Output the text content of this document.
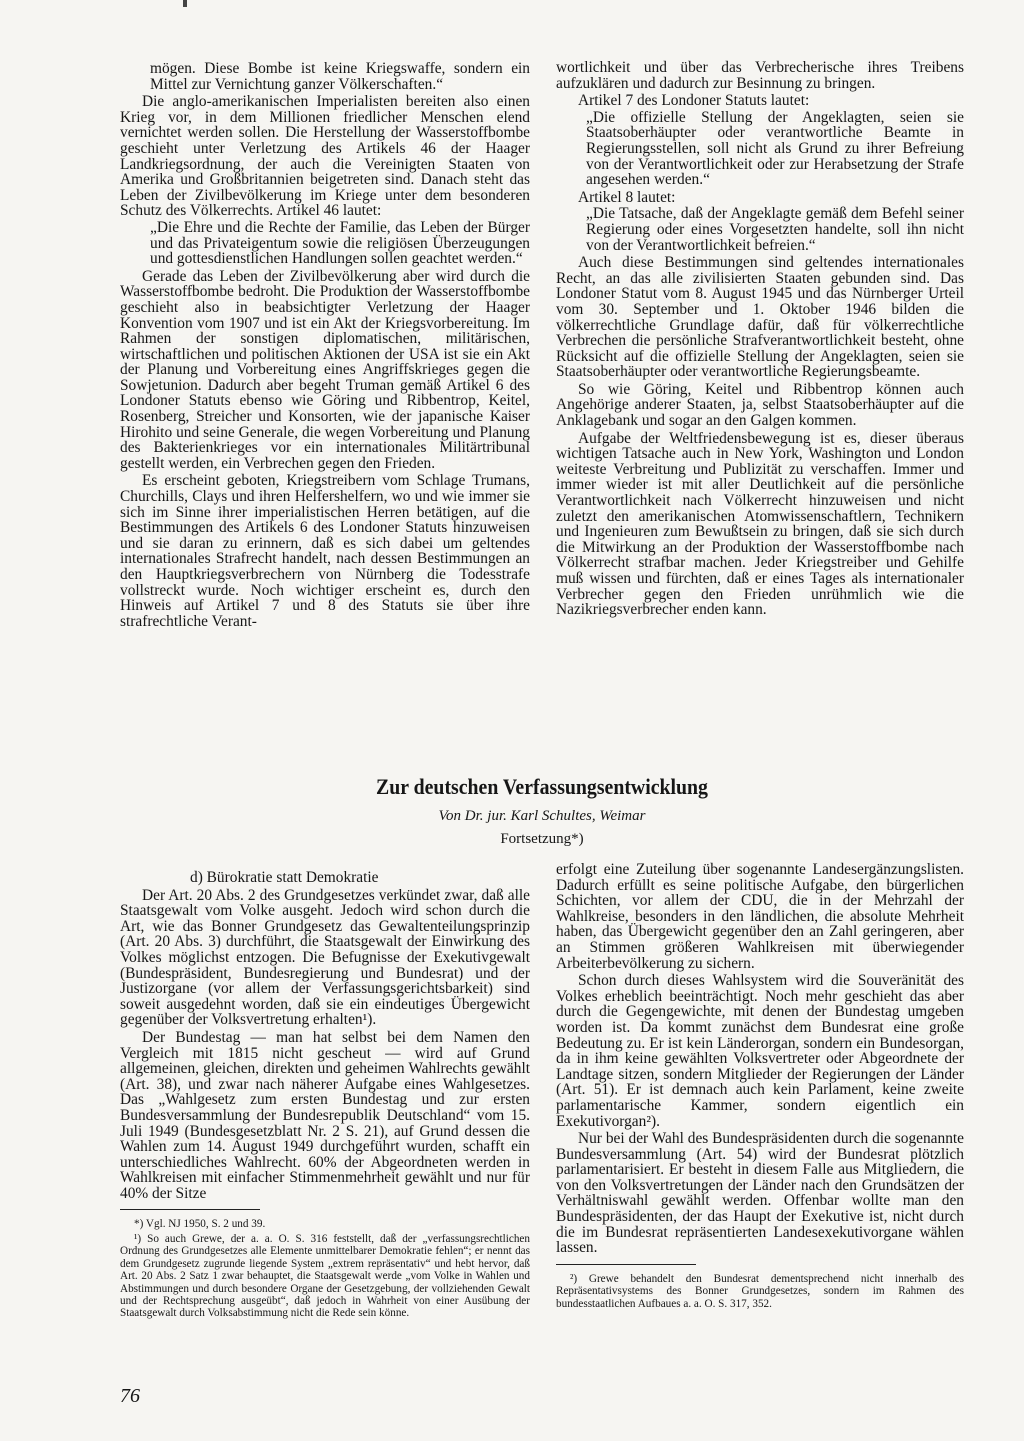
mögen. Diese Bombe ist keine Kriegswaffe, sondern ein Mittel zur Vernichtung ganzer Völkerschaften.“

Die anglo-amerikanischen Imperialisten bereiten also einen Krieg vor, in dem Millionen friedlicher Menschen elend vernichtet werden sollen. Die Herstellung der Wasserstoffbombe geschieht unter Verletzung des Artikels 46 der Haager Landkriegsordnung, der auch die Vereinigten Staaten von Amerika und Großbritannien beigetreten sind. Danach steht das Leben der Zivilbevölkerung im Kriege unter dem besonderen Schutz des Völkerrechts. Artikel 46 lautet:

„Die Ehre und die Rechte der Familie, das Leben der Bürger und das Privateigentum sowie die religiösen Überzeugungen und gottesdienstlichen Handlungen sollen geachtet werden.“

Gerade das Leben der Zivilbevölkerung aber wird durch die Wasserstoffbombe bedroht. Die Produktion der Wasserstoffbombe geschieht also in beabsichtigter Verletzung der Haager Konvention vom 1907 und ist ein Akt der Kriegsvorbereitung. Im Rahmen der sonstigen diplomatischen, militärischen, wirtschaftlichen und politischen Aktionen der USA ist sie ein Akt der Planung und Vorbereitung eines Angriffskrieges gegen die Sowjetunion. Dadurch aber begeht Truman gemäß Artikel 6 des Londoner Statuts ebenso wie Göring und Ribbentrop, Keitel, Rosenberg, Streicher und Konsorten, wie der japanische Kaiser Hirohito und seine Generale, die wegen Vorbereitung und Planung des Bakterienkrieges vor ein internationales Militärtribunal gestellt werden, ein Verbrechen gegen den Frieden.

Es erscheint geboten, Kriegstreibern vom Schlage Trumans, Churchills, Clays und ihren Helfershelfern, wo und wie immer sie sich im Sinne ihrer imperialistischen Herren betätigen, auf die Bestimmungen des Artikels 6 des Londoner Statuts hinzuweisen und sie daran zu erinnern, daß es sich dabei um geltendes internationales Strafrecht handelt, nach dessen Bestimmungen an den Hauptkriegsverbrechern von Nürnberg die Todesstrafe vollstreckt wurde. Noch wichtiger erscheint es, durch den Hinweis auf Artikel 7 und 8 des Statuts sie über ihre strafrechtliche Verant-

wortlichkeit und über das Verbrecherische ihres Treibens aufzuklären und dadurch zur Besinnung zu bringen.

Artikel 7 des Londoner Statuts lautet:

„Die offizielle Stellung der Angeklagten, seien sie Staatsoberhäupter oder verantwortliche Beamte in Regierungsstellen, soll nicht als Grund zu ihrer Befreiung von der Verantwortlichkeit oder zur Herabsetzung der Strafe angesehen werden.“

Artikel 8 lautet:

„Die Tatsache, daß der Angeklagte gemäß dem Befehl seiner Regierung oder eines Vorgesetzten handelte, soll ihn nicht von der Verantwortlichkeit befreien.“

Auch diese Bestimmungen sind geltendes internationales Recht, an das alle zivilisierten Staaten gebunden sind. Das Londoner Statut vom 8. August 1945 und das Nürnberger Urteil vom 30. September und 1. Oktober 1946 bilden die völkerrechtliche Grundlage dafür, daß für völkerrechtliche Verbrechen die persönliche Strafverantwortlichkeit besteht, ohne Rücksicht auf die offizielle Stellung der Angeklagten, seien sie Staatsoberhäupter oder verantwortliche Regierungsbeamte.

So wie Göring, Keitel und Ribbentrop können auch Angehörige anderer Staaten, ja, selbst Staatsoberhäupter auf die Anklagebank und sogar an den Galgen kommen.

Aufgabe der Weltfriedensbewegung ist es, dieser überaus wichtigen Tatsache auch in New York, Washington und London weiteste Verbreitung und Publizität zu verschaffen. Immer und immer wieder ist mit aller Deutlichkeit auf die persönliche Verantwortlichkeit nach Völkerrecht hinzuweisen und nicht zuletzt den amerikanischen Atomwissenschaftlern, Technikern und Ingenieuren zum Bewußtsein zu bringen, daß sie sich durch die Mitwirkung an der Produktion der Wasserstoffbombe nach Völkerrecht strafbar machen. Jeder Kriegstreiber und Gehilfe muß wissen und fürchten, daß er eines Tages als internationaler Verbrecher gegen den Frieden unrühmlich wie die Nazikriegsverbrecher enden kann.

Zur deutschen Verfassungsentwicklung
Von Dr. jur. Karl Schultes, Weimar
Fortsetzung*)

d) Bürokratie statt Demokratie

Der Art. 20 Abs. 2 des Grundgesetzes verkündet zwar, daß alle Staatsgewalt vom Volke ausgeht. Jedoch wird schon durch die Art, wie das Bonner Grundgesetz das Gewaltenteilungsprinzip (Art. 20 Abs. 3) durchführt, die Staatsgewalt der Einwirkung des Volkes möglichst entzogen. Die Befugnisse der Exekutivgewalt (Bundespräsident, Bundesregierung und Bundesrat) und der Justizorgane (vor allem der Verfassungsgerichtsbarkeit) sind soweit ausgedehnt worden, daß sie ein eindeutiges Übergewicht gegenüber der Volksvertretung erhalten¹).

Der Bundestag — man hat selbst bei dem Namen den Vergleich mit 1815 nicht gescheut — wird auf Grund allgemeinen, gleichen, direkten und geheimen Wahlrechts gewählt (Art. 38), und zwar nach näherer Aufgabe eines Wahlgesetzes. Das „Wahlgesetz zum ersten Bundestag und zur ersten Bundesversammlung der Bundesrepublik Deutschland“ vom 15. Juli 1949 (Bundesgesetzblatt Nr. 2 S. 21), auf Grund dessen die Wahlen zum 14. August 1949 durchgeführt wurden, schafft ein unterschiedliches Wahlrecht. 60% der Abgeordneten werden in Wahlkreisen mit einfacher Stimmenmehrheit gewählt und nur für 40% der Sitze

*) Vgl. NJ 1950, S. 2 und 39.

¹) So auch Grewe, der a. a. O. S. 316 feststellt, daß der „verfassungsrechtlichen Ordnung des Grundgesetzes alle Elemente unmittelbarer Demokratie fehlen“; er nennt das dem Grundgesetz zugrunde liegende System „extrem repräsentativ“ und hebt hervor, daß Art. 20 Abs. 2 Satz 1 zwar behauptet, die Staatsgewalt werde „vom Volke in Wahlen und Abstimmungen und durch besondere Organe der Gesetzgebung, der vollziehenden Gewalt und der Rechtsprechung ausgeübt“, daß jedoch in Wahrheit von einer Ausübung der Staatsgewalt durch Volksabstimmung nicht die Rede sein könne.

erfolgt eine Zuteilung über sogenannte Landesergänzungslisten. Dadurch erfüllt es seine politische Aufgabe, den bürgerlichen Schichten, vor allem der CDU, die in der Mehrzahl der Wahlkreise, besonders in den ländlichen, die absolute Mehrheit haben, das Übergewicht gegenüber den an Zahl geringeren, aber an Stimmen größeren Wahlkreisen mit überwiegender Arbeiterbevölkerung zu sichern.

Schon durch dieses Wahlsystem wird die Souveränität des Volkes erheblich beeinträchtigt. Noch mehr geschieht das aber durch die Gegengewichte, mit denen der Bundestag umgeben worden ist. Da kommt zunächst dem Bundesrat eine große Bedeutung zu. Er ist kein Länderorgan, sondern ein Bundesorgan, da in ihm keine gewählten Volksvertreter oder Abgeordnete der Landtage sitzen, sondern Mitglieder der Regierungen der Länder (Art. 51). Er ist demnach auch kein Parlament, keine zweite parlamentarische Kammer, sondern eigentlich ein Exekutivorgan²).

Nur bei der Wahl des Bundespräsidenten durch die sogenannte Bundesversammlung (Art. 54) wird der Bundesrat plötzlich parlamentarisiert. Er besteht in diesem Falle aus Mitgliedern, die von den Volksvertretungen der Länder nach den Grundsätzen der Verhältniswahl gewählt werden. Offenbar wollte man den Bundespräsidenten, der das Haupt der Exekutive ist, nicht durch die im Bundesrat repräsentierten Landesexekutivorgane wählen lassen.

²) Grewe behandelt den Bundesrat dementsprechend nicht innerhalb des Repräsentativsystems des Bonner Grundgesetzes, sondern im Rahmen des bundesstaatlichen Aufbaues a. a. O. S. 317, 352.

76
